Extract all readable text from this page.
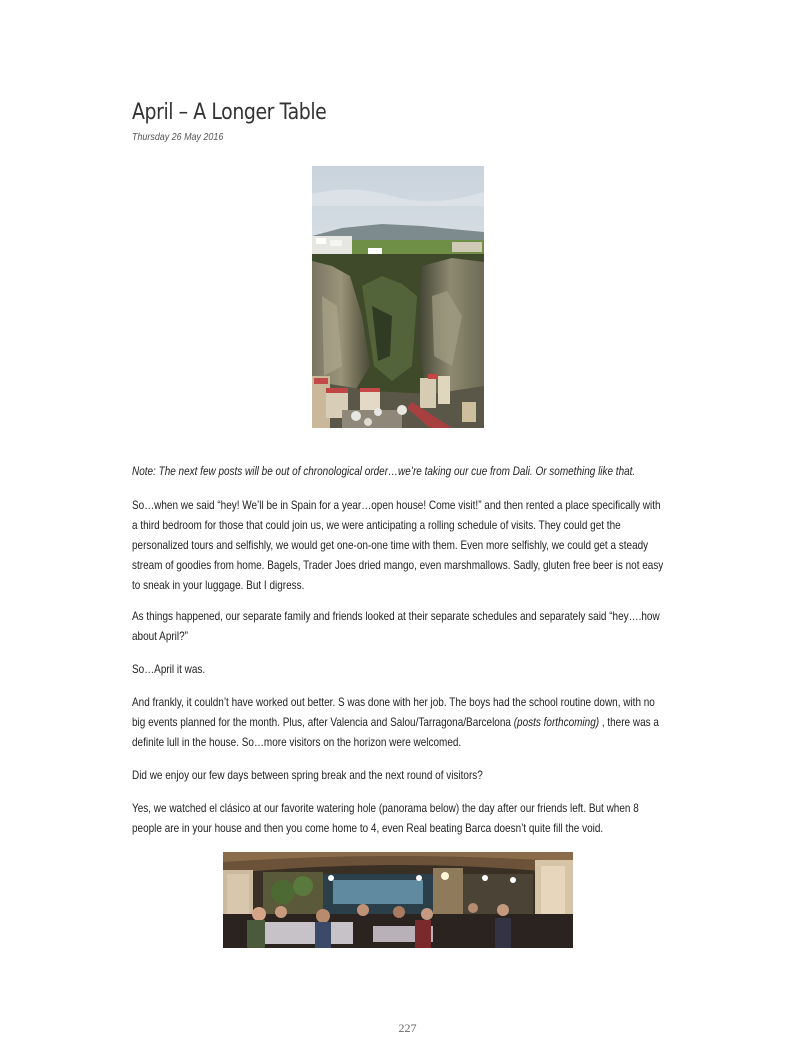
April – A Longer Table
Thursday 26 May 2016

Note: The next few posts will be out of chronological order…we’re taking our cue from Dali. Or something like that.

So…when we said “hey! We’ll be in Spain for a year…open house! Come visit!” and then rented a place specifically with a third bedroom for those that could join us, we were anticipating a rolling schedule of visits. They could get the personalized tours and selfishly, we would get one-on-one time with them. Even more selfishly, we could get a steady stream of goodies from home. Bagels, Trader Joes dried mango, even marshmallows. Sadly, gluten free beer is not easy to sneak in your luggage. But I digress.

As things happened, our separate family and friends looked at their separate schedules and separately said “hey….how about April?”

So…April it was.

And frankly, it couldn’t have worked out better. S was done with her job. The boys had the school routine down, with no big events planned for the month. Plus, after Valencia and Salou/Tarragona/Barcelona (posts forthcoming) , there was a definite lull in the house. So…more visitors on the horizon were welcomed.

Did we enjoy our few days between spring break and the next round of visitors?

Yes, we watched el clásico at our favorite watering hole (panorama below) the day after our friends left. But when 8 people are in your house and then you come home to 4, even Real beating Barca doesn’t quite fill the void.

227
